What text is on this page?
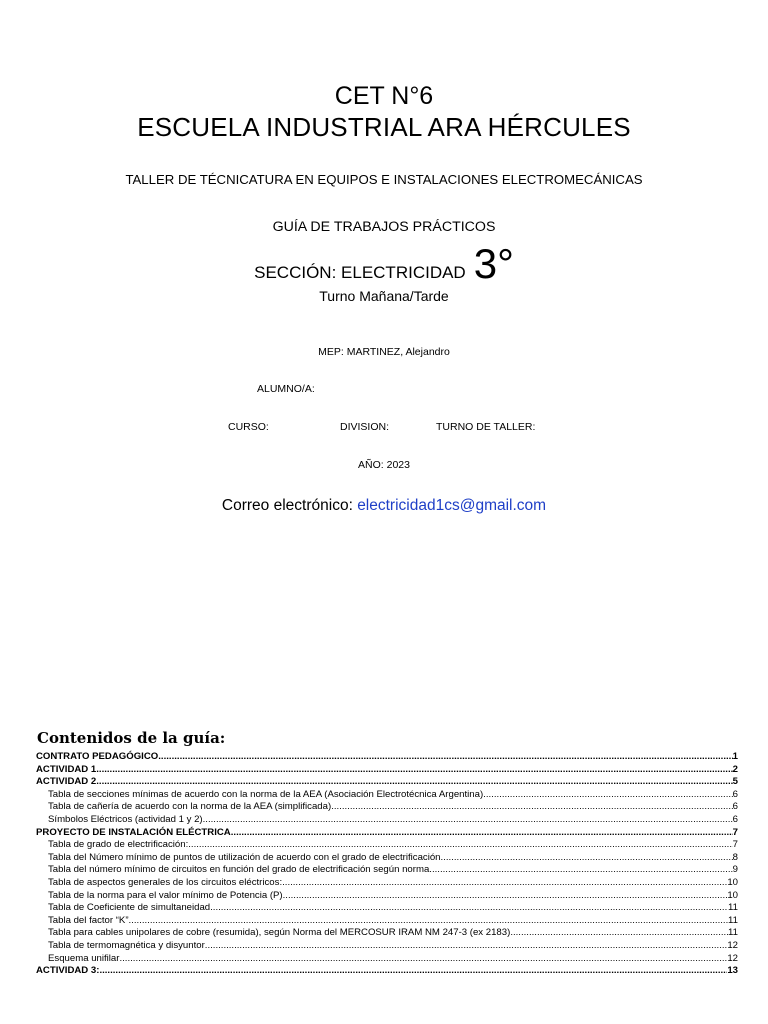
CET N°6
ESCUELA INDUSTRIAL ARA HÉRCULES
TALLER DE TÉCNICATURA EN EQUIPOS E INSTALACIONES ELECTROMECÁNICAS
GUÍA DE TRABAJOS PRÁCTICOS
SECCIÓN: ELECTRICIDAD 3°
Turno Mañana/Tarde
MEP: MARTINEZ, Alejandro
ALUMNO/A:
CURSO:	DIVISION:	TURNO DE TALLER:
AÑO: 2023
Correo electrónico: electricidad1cs@gmail.com
Contenidos de la guía:
CONTRATO PEDAGÓGICO .....	1
ACTIVIDAD 1 .....	2
ACTIVIDAD 2 .....	5
Tabla de secciones mínimas de acuerdo con la norma de la AEA (Asociación Electrotécnica Argentina) .....	6
Tabla de cañería de acuerdo con la norma de la AEA (simplificada) .....	6
Símbolos Eléctricos (actividad 1 y 2) .....	6
PROYECTO DE INSTALACIÓN ELÉCTRICA .....	7
Tabla de grado de electrificación: .....	7
Tabla del Número mínimo de puntos de utilización de acuerdo con el grado de electrificación .....	8
Tabla del número mínimo de circuitos en función del grado de electrificación según norma .....	9
Tabla de aspectos generales de los circuitos eléctricos: .....	10
Tabla de la norma para el valor mínimo de Potencia (P) .....	10
Tabla de Coeficiente de simultaneidad .....	11
Tabla del factor “K” .....	11
Tabla para cables unipolares de cobre (resumida), según Norma del MERCOSUR IRAM NM 247-3 (ex 2183) .....	11
Tabla de termomagnética y disyuntor .....	12
Esquema unifilar .....	12
ACTIVIDAD 3: .....	13
